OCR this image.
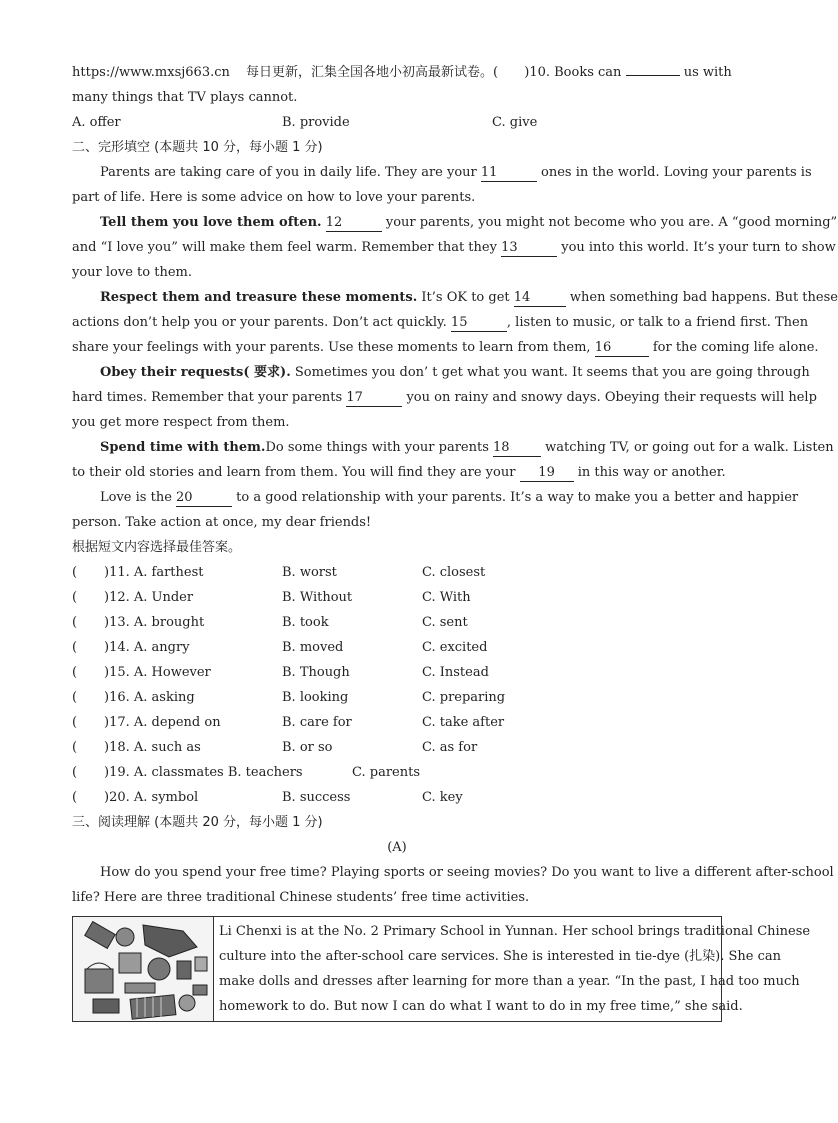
https://www.mxsj663.cn 每日更新，汇集全国各地小初高最新试卷。( )10. Books can	us with
many things that TV plays cannot.
A. offer	B. provide	C. give
二、完形填空 (本题共 10 分，每小题 1 分)
Parents are taking care of you in daily life. They are your 11	ones in the world. Loving your parents is
part of life. Here is some advice on how to love your parents.
Tell them you love them often. 12	your parents, you might not become who you are. A “good morning”
and “I love you” will make them feel warm. Remember that they 13	you into this world. It’s your turn to show
your love to them.
Respect them and treasure these moments. It’s OK to get 14	when something bad happens. But these
actions don’t help you or your parents. Don’t act quickly. 15	, listen to music, or talk to a friend first. Then
share your feelings with your parents. Use these moments to learn from them, 16	for the coming life alone.
Obey their requests( 要求). Sometimes you don’ t get what you want. It seems that you are going through
hard times. Remember that your parents 17	you on rainy and snowy days. Obeying their requests will help
you get more respect from them.
Spend time with them.Do some things with your parents 18	watching TV, or going out for a walk. Listen
to their old stories and learn from them. You will find they are your 19 in this way or another.
Love is the 20	to a good relationship with your parents. It’s a way to make you a better and happier
person. Take action at once, my dear friends!
根据短文内容选择最佳答案。
( )11. A. farthest	B. worst	C. closest
( )12. A. Under	B. Without	C. With
( )13. A. brought	B. took	C. sent
( )14. A. angry	B. moved	C. excited
( )15. A. However	B. Though	C. Instead
( )16. A. asking	B. looking	C. preparing
( )17. A. depend on	B. care for	C. take after
( )18. A. such as	B. or so	C. as for
( )19. A. classmates B. teachers	C. parents
( )20. A. symbol	B. success	C. key
三、阅读理解 (本题共 20 分，每小题 1 分)
(A)
How do you spend your free time? Playing sports or seeing movies? Do you want to live a different after-school
life? Here are three traditional Chinese students’ free time activities.
Li Chenxi is at the No. 2 Primary School in Yunnan. Her school brings traditional Chinese
culture into the after-school care services. She is interested in tie-dye (扎染). She can
make dolls and dresses after learning for more than a year. “In the past, I had too much
homework to do. But now I can do what I want to do in my free time,” she said.
